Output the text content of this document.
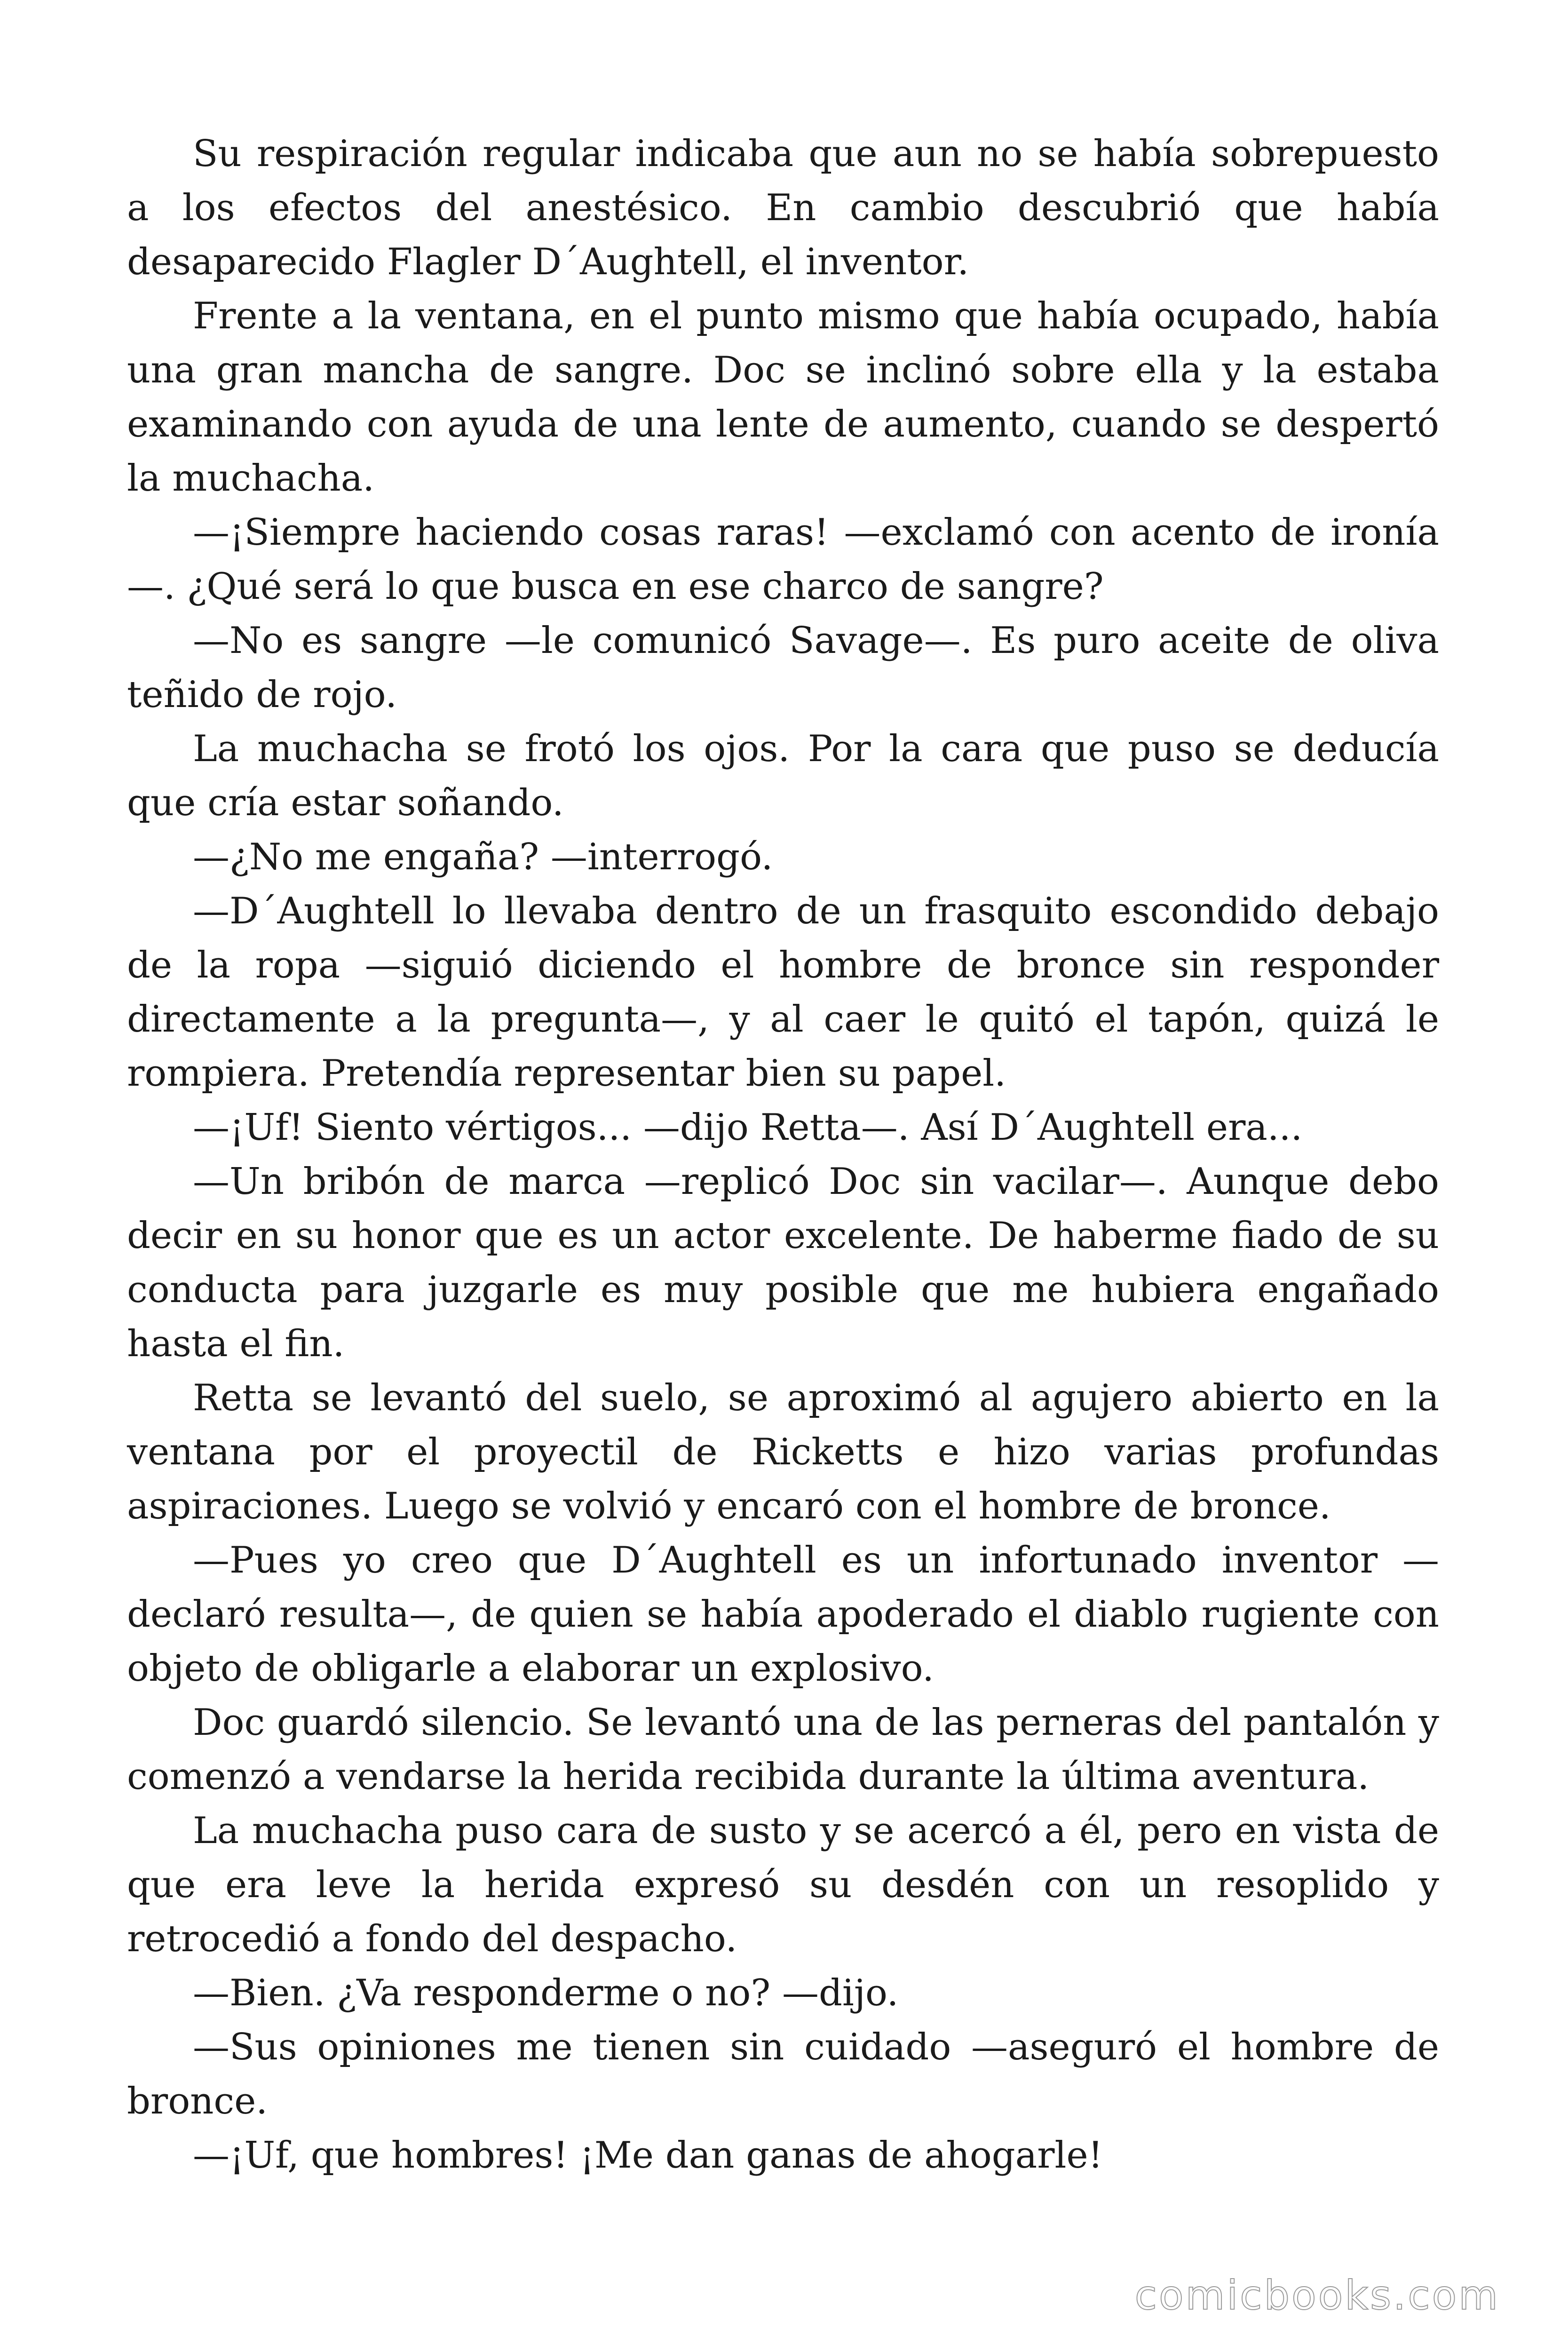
Su respiración regular indicaba que aun no se había sobrepuesto a los efectos del anestésico. En cambio descubrió que había desaparecido Flagler D´Aughtell, el inventor.

Frente a la ventana, en el punto mismo que había ocupado, había una gran mancha de sangre. Doc se inclinó sobre ella y la estaba examinando con ayuda de una lente de aumento, cuando se despertó la muchacha.

—¡Siempre haciendo cosas raras! —exclamó con acento de ironía—. ¿Qué será lo que busca en ese charco de sangre?

—No es sangre —le comunicó Savage—. Es puro aceite de oliva teñido de rojo.

La muchacha se frotó los ojos. Por la cara que puso se deducía que cría estar soñando.

—¿No me engaña? —interrogó.

—D´Aughtell lo llevaba dentro de un frasquito escondido debajo de la ropa —siguió diciendo el hombre de bronce sin responder directamente a la pregunta—, y al caer le quitó el tapón, quizá le rompiera. Pretendía representar bien su papel.

—¡Uf! Siento vértigos... —dijo Retta—. Así D´Aughtell era...

—Un bribón de marca —replicó Doc sin vacilar—. Aunque debo decir en su honor que es un actor excelente. De haberme fiado de su conducta para juzgarle es muy posible que me hubiera engañado hasta el fin.

Retta se levantó del suelo, se aproximó al agujero abierto en la ventana por el proyectil de Ricketts e hizo varias profundas aspiraciones. Luego se volvió y encaró con el hombre de bronce.

—Pues yo creo que D´Aughtell es un infortunado inventor —declaró resulta—, de quien se había apoderado el diablo rugiente con objeto de obligarle a elaborar un explosivo.

Doc guardó silencio. Se levantó una de las perneras del pantalón y comenzó a vendarse la herida recibida durante la última aventura.

La muchacha puso cara de susto y se acercó a él, pero en vista de que era leve la herida expresó su desdén con un resoplido y retrocedió a fondo del despacho.

—Bien. ¿Va responderme o no? —dijo.

—Sus opiniones me tienen sin cuidado —aseguró el hombre de bronce.

—¡Uf, que hombres! ¡Me dan ganas de ahogarle!

comicbooks.com
